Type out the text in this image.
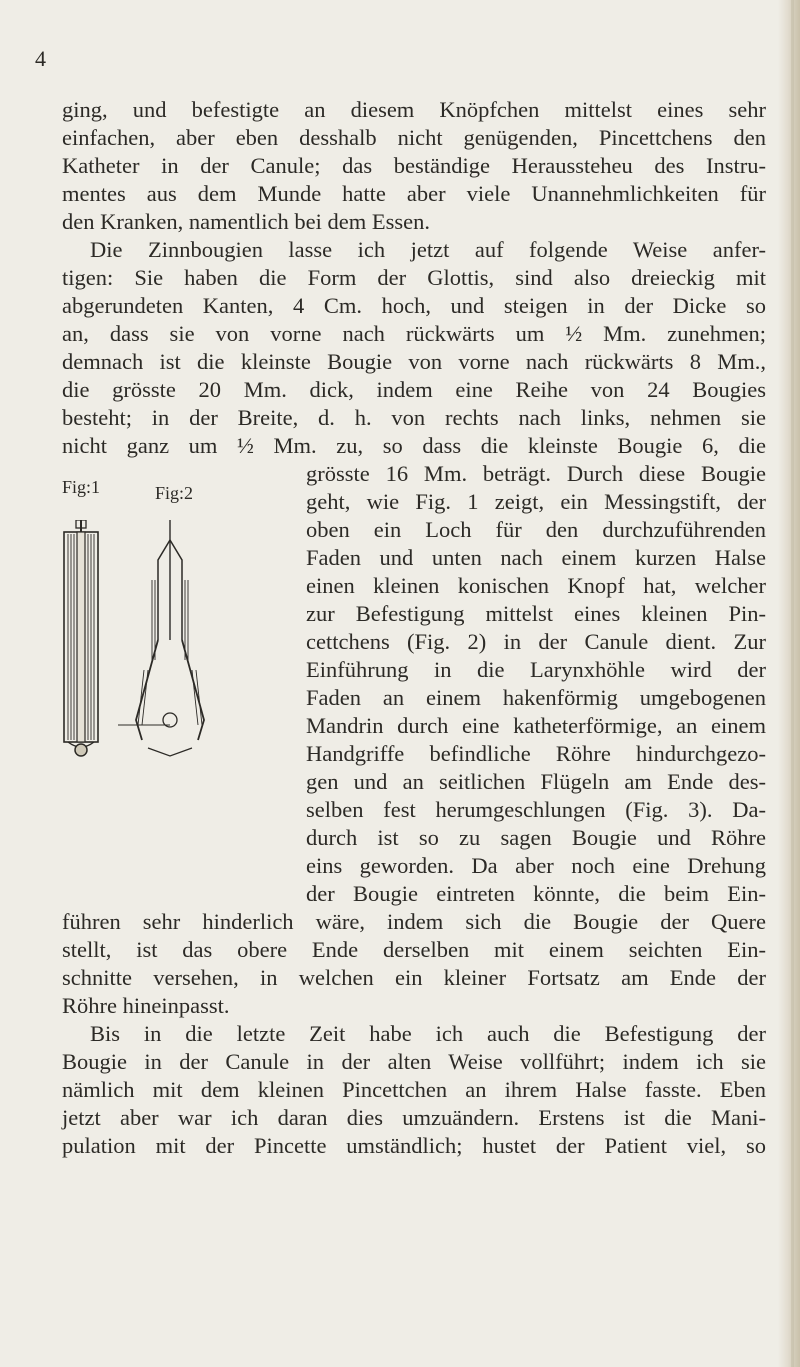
4
ging, und befestigte an diesem Knöpfchen mittelst eines sehr
einfachen, aber eben desshalb nicht genügenden, Pincettchens den
Katheter in der Canule; das beständige Heraussteheu des Instru-
mentes aus dem Munde hatte aber viele Unannehmlichkeiten für
den Kranken, namentlich bei dem Essen.
Die Zinnbougien lasse ich jetzt auf folgende Weise anfer-
tigen: Sie haben die Form der Glottis, sind also dreieckig mit
abgerundeten Kanten, 4 Cm. hoch, und steigen in der Dicke so
an, dass sie von vorne nach rückwärts um ½ Mm. zunehmen;
demnach ist die kleinste Bougie von vorne nach rückwärts 8 Mm.,
die grösste 20 Mm. dick, indem eine Reihe von 24 Bougies
besteht; in der Breite, d. h. von rechts nach links, nehmen sie
nicht ganz um ½ Mm. zu, so dass die kleinste Bougie 6, die
grösste 16 Mm. beträgt. Durch diese Bougie
geht, wie Fig. 1 zeigt, ein Messingstift, der
oben ein Loch für den durchzuführenden
Faden und unten nach einem kurzen Halse
einen kleinen konischen Knopf hat, welcher
zur Befestigung mittelst eines kleinen Pin-
cettchens (Fig. 2) in der Canule dient. Zur
Einführung in die Larynxhöhle wird der
Faden an einem hakenförmig umgebogenen
Mandrin durch eine katheterförmige, an einem
Handgriffe befindliche Röhre hindurchgezo-
gen und an seitlichen Flügeln am Ende des-
selben fest herumgeschlungen (Fig. 3). Da-
durch ist so zu sagen Bougie und Röhre
eins geworden. Da aber noch eine Drehung
der Bougie eintreten könnte, die beim Ein-
führen sehr hinderlich wäre, indem sich die Bougie der Quere
stellt, ist das obere Ende derselben mit einem seichten Ein-
schnitte versehen, in welchen ein kleiner Fortsatz am Ende der
Röhre hineinpasst.
Bis in die letzte Zeit habe ich auch die Befestigung der
Bougie in der Canule in der alten Weise vollführt; indem ich sie
nämlich mit dem kleinen Pincettchen an ihrem Halse fasste. Eben
jetzt aber war ich daran dies umzuändern. Erstens ist die Mani-
pulation mit der Pincette umständlich; hustet der Patient viel, so
Fig:1	Fig:2
